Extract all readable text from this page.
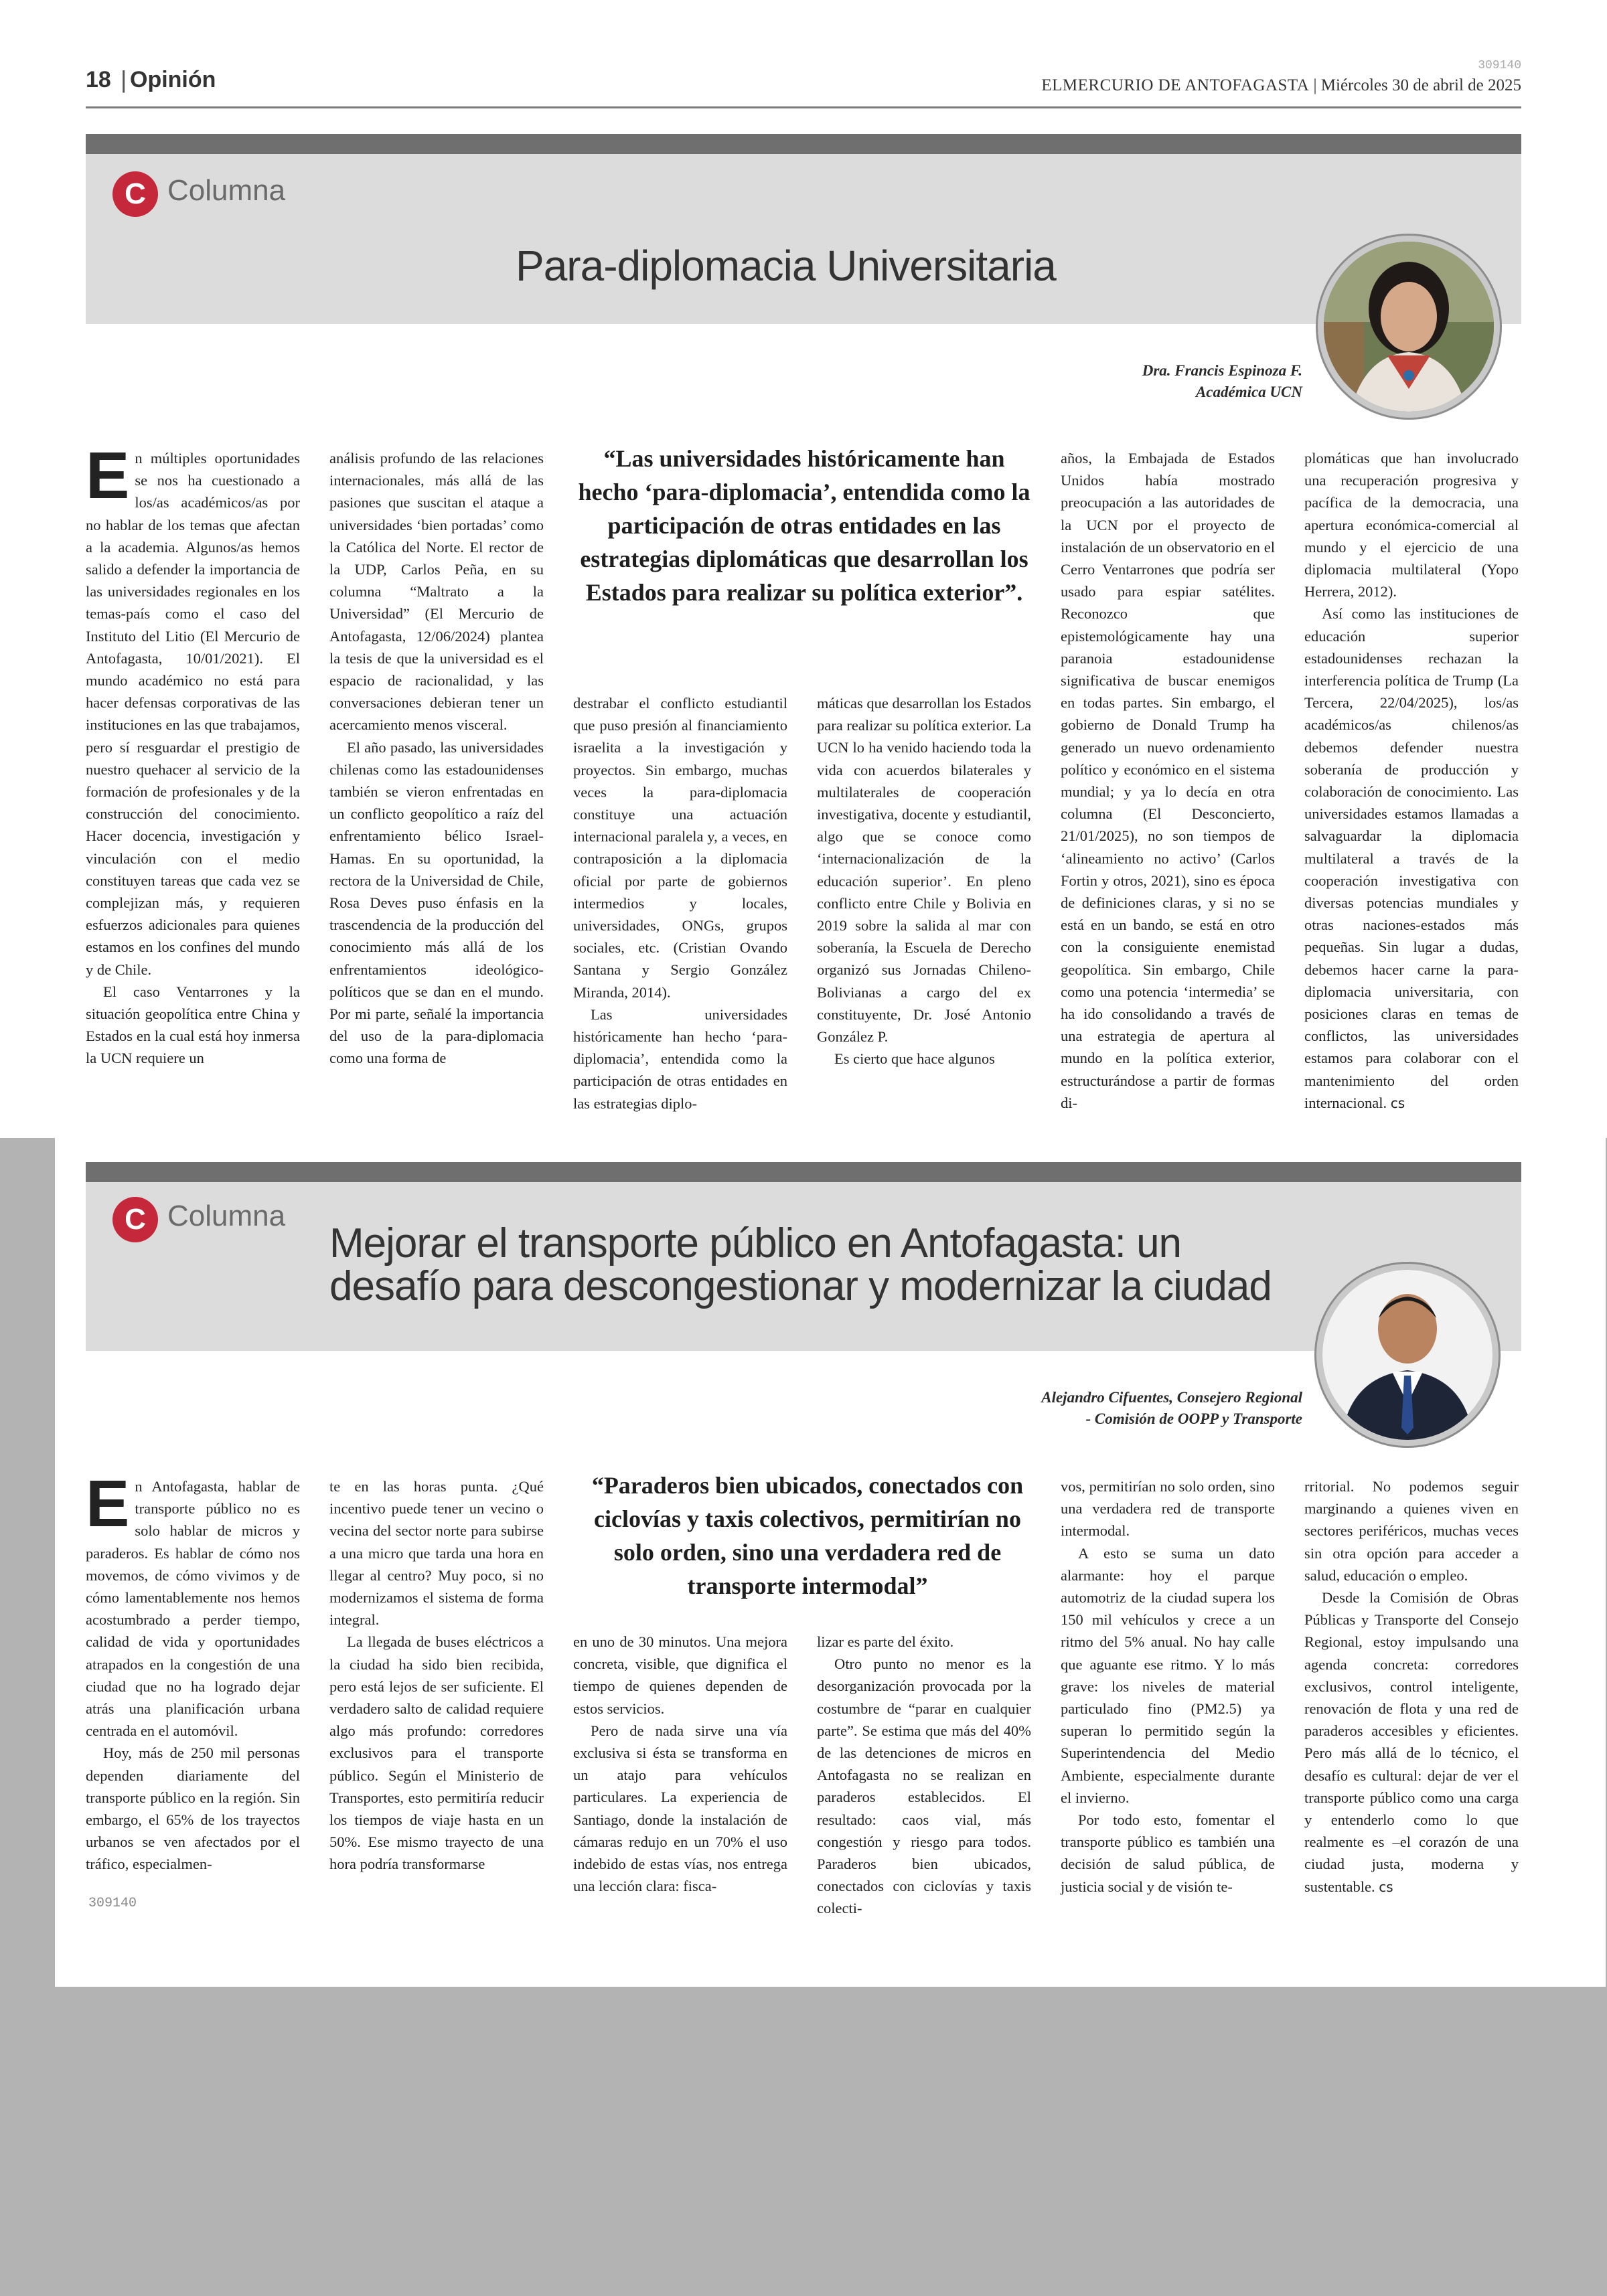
18 | Opinión
309140
ELMERCURIO DE ANTOFAGASTA | Miércoles 30 de abril de 2025
C Columna
Para-diplomacia Universitaria
Dra. Francis Espinoza F.
Académica UCN

En múltiples oportunidades se nos ha cuestionado a los/as académicos/as por no hablar de los temas que afectan a la academia. Algunos/as hemos salido a defender la importancia de las universidades regionales en los temas-país como el caso del Instituto del Litio (El Mercurio de Antofagasta, 10/01/2021). El mundo académico no está para hacer defensas corporativas de las instituciones en las que trabajamos, pero sí resguardar el prestigio de nuestro quehacer al servicio de la formación de profesionales y de la construcción del conocimiento. Hacer docencia, investigación y vinculación con el medio constituyen tareas que cada vez se complejizan más, y requieren esfuerzos adicionales para quienes estamos en los confines del mundo y de Chile.

El caso Ventarrones y la situación geopolítica entre China y Estados en la cual está hoy inmersa la UCN requiere un

análisis profundo de las relaciones internacionales, más allá de las pasiones que suscitan el ataque a universidades ‘bien portadas’ como la Católica del Norte. El rector de la UDP, Carlos Peña, en su columna “Maltrato a la Universidad” (El Mercurio de Antofagasta, 12/06/2024) plantea la tesis de que la universidad es el espacio de racionalidad, y las conversaciones debieran tener un acercamiento menos visceral.

El año pasado, las universidades chilenas como las estadounidenses también se vieron enfrentadas en un conflicto geopolítico a raíz del enfrentamiento bélico Israel-Hamas. En su oportunidad, la rectora de la Universidad de Chile, Rosa Deves puso énfasis en la trascendencia de la producción del conocimiento más allá de los enfrentamientos ideológico-políticos que se dan en el mundo. Por mi parte, señalé la importancia del uso de la para-diplomacia como una forma de

“Las universidades históricamente han hecho ‘para-diplomacia’, entendida como la participación de otras entidades en las estrategias diplomáticas que desarrollan los Estados para realizar su política exterior”.

destrabar el conflicto estudiantil que puso presión al financiamiento israelita a la investigación y proyectos. Sin embargo, muchas veces la para-diplomacia constituye una actuación internacional paralela y, a veces, en contraposición a la diplomacia oficial por parte de gobiernos intermedios y locales, universidades, ONGs, grupos sociales, etc. (Cristian Ovando Santana y Sergio González Miranda, 2014).

Las universidades históricamente han hecho ‘para-diplomacia’, entendida como la participación de otras entidades en las estrategias diplo-

máticas que desarrollan los Estados para realizar su política exterior. La UCN lo ha venido haciendo toda la vida con acuerdos bilaterales y multilaterales de cooperación investigativa, docente y estudiantil, algo que se conoce como ‘internacionalización de la educación superior’. En pleno conflicto entre Chile y Bolivia en 2019 sobre la salida al mar con soberanía, la Escuela de Derecho organizó sus Jornadas Chileno-Bolivianas a cargo del ex constituyente, Dr. José Antonio González P.

Es cierto que hace algunos

años, la Embajada de Estados Unidos había mostrado preocupación a las autoridades de la UCN por el proyecto de instalación de un observatorio en el Cerro Ventarrones que podría ser usado para espiar satélites. Reconozco que epistemológicamente hay una paranoia estadounidense significativa de buscar enemigos en todas partes. Sin embargo, el gobierno de Donald Trump ha generado un nuevo ordenamiento político y económico en el sistema mundial; y ya lo decía en otra columna (El Desconcierto, 21/01/2025), no son tiempos de ‘alineamiento no activo’ (Carlos Fortin y otros, 2021), sino es época de definiciones claras, y si no se está en un bando, se está en otro con la consiguiente enemistad geopolítica. Sin embargo, Chile como una potencia ‘intermedia’ se ha ido consolidando a través de una estrategia de apertura al mundo en la política exterior, estructurándose a partir de formas di-

plomáticas que han involucrado una recuperación progresiva y pacífica de la democracia, una apertura económica-comercial al mundo y el ejercicio de una diplomacia multilateral (Yopo Herrera, 2012).

Así como las instituciones de educación superior estadounidenses rechazan la interferencia política de Trump (La Tercera, 22/04/2025), los/as académicos/as chilenos/as debemos defender nuestra soberanía de producción y colaboración de conocimiento. Las universidades estamos llamadas a salvaguardar la diplomacia multilateral a través de la cooperación investigativa con diversas potencias mundiales y otras naciones-estados más pequeñas. Sin lugar a dudas, debemos hacer carne la para-diplomacia universitaria, con posiciones claras en temas de conflictos, las universidades estamos para colaborar con el mantenimiento del orden internacional. cs

C Columna
Mejorar el transporte público en Antofagasta: un
desafío para descongestionar y modernizar la ciudad
Alejandro Cifuentes, Consejero Regional
- Comisión de OOPP y Transporte

En Antofagasta, hablar de transporte público no es solo hablar de micros y paraderos. Es hablar de cómo nos movemos, de cómo vivimos y de cómo lamentablemente nos hemos acostumbrado a perder tiempo, calidad de vida y oportunidades atrapados en la congestión de una ciudad que no ha logrado dejar atrás una planificación urbana centrada en el automóvil.

Hoy, más de 250 mil personas dependen diariamente del transporte público en la región. Sin embargo, el 65% de los trayectos urbanos se ven afectados por el tráfico, especialmen-

309140

te en las horas punta. ¿Qué incentivo puede tener un vecino o vecina del sector norte para subirse a una micro que tarda una hora en llegar al centro? Muy poco, si no modernizamos el sistema de forma integral.

La llegada de buses eléctricos a la ciudad ha sido bien recibida, pero está lejos de ser suficiente. El verdadero salto de calidad requiere algo más profundo: corredores exclusivos para el transporte público. Según el Ministerio de Transportes, esto permitiría reducir los tiempos de viaje hasta en un 50%. Ese mismo trayecto de una hora podría transformarse

“Paraderos bien ubicados, conectados con ciclovías y taxis colectivos, permitirían no solo orden, sino una verdadera red de transporte intermodal”

en uno de 30 minutos. Una mejora concreta, visible, que dignifica el tiempo de quienes dependen de estos servicios.

Pero de nada sirve una vía exclusiva si ésta se transforma en un atajo para vehículos particulares. La experiencia de Santiago, donde la instalación de cámaras redujo en un 70% el uso indebido de estas vías, nos entrega una lección clara: fisca-

lizar es parte del éxito.

Otro punto no menor es la desorganización provocada por la costumbre de “parar en cualquier parte”. Se estima que más del 40% de las detenciones de micros en Antofagasta no se realizan en paraderos establecidos. El resultado: caos vial, más congestión y riesgo para todos. Paraderos bien ubicados, conectados con ciclovías y taxis colecti-

vos, permitirían no solo orden, sino una verdadera red de transporte intermodal.

A esto se suma un dato alarmante: hoy el parque automotriz de la ciudad supera los 150 mil vehículos y crece a un ritmo del 5% anual. No hay calle que aguante ese ritmo. Y lo más grave: los niveles de material particulado fino (PM2.5) ya superan lo permitido según la Superintendencia del Medio Ambiente, especialmente durante el invierno.

Por todo esto, fomentar el transporte público es también una decisión de salud pública, de justicia social y de visión te-

rritorial. No podemos seguir marginando a quienes viven en sectores periféricos, muchas veces sin otra opción para acceder a salud, educación o empleo.

Desde la Comisión de Obras Públicas y Transporte del Consejo Regional, estoy impulsando una agenda concreta: corredores exclusivos, control inteligente, renovación de flota y una red de paraderos accesibles y eficientes. Pero más allá de lo técnico, el desafío es cultural: dejar de ver el transporte público como una carga y entenderlo como lo que realmente es –el corazón de una ciudad justa, moderna y sustentable. cs
